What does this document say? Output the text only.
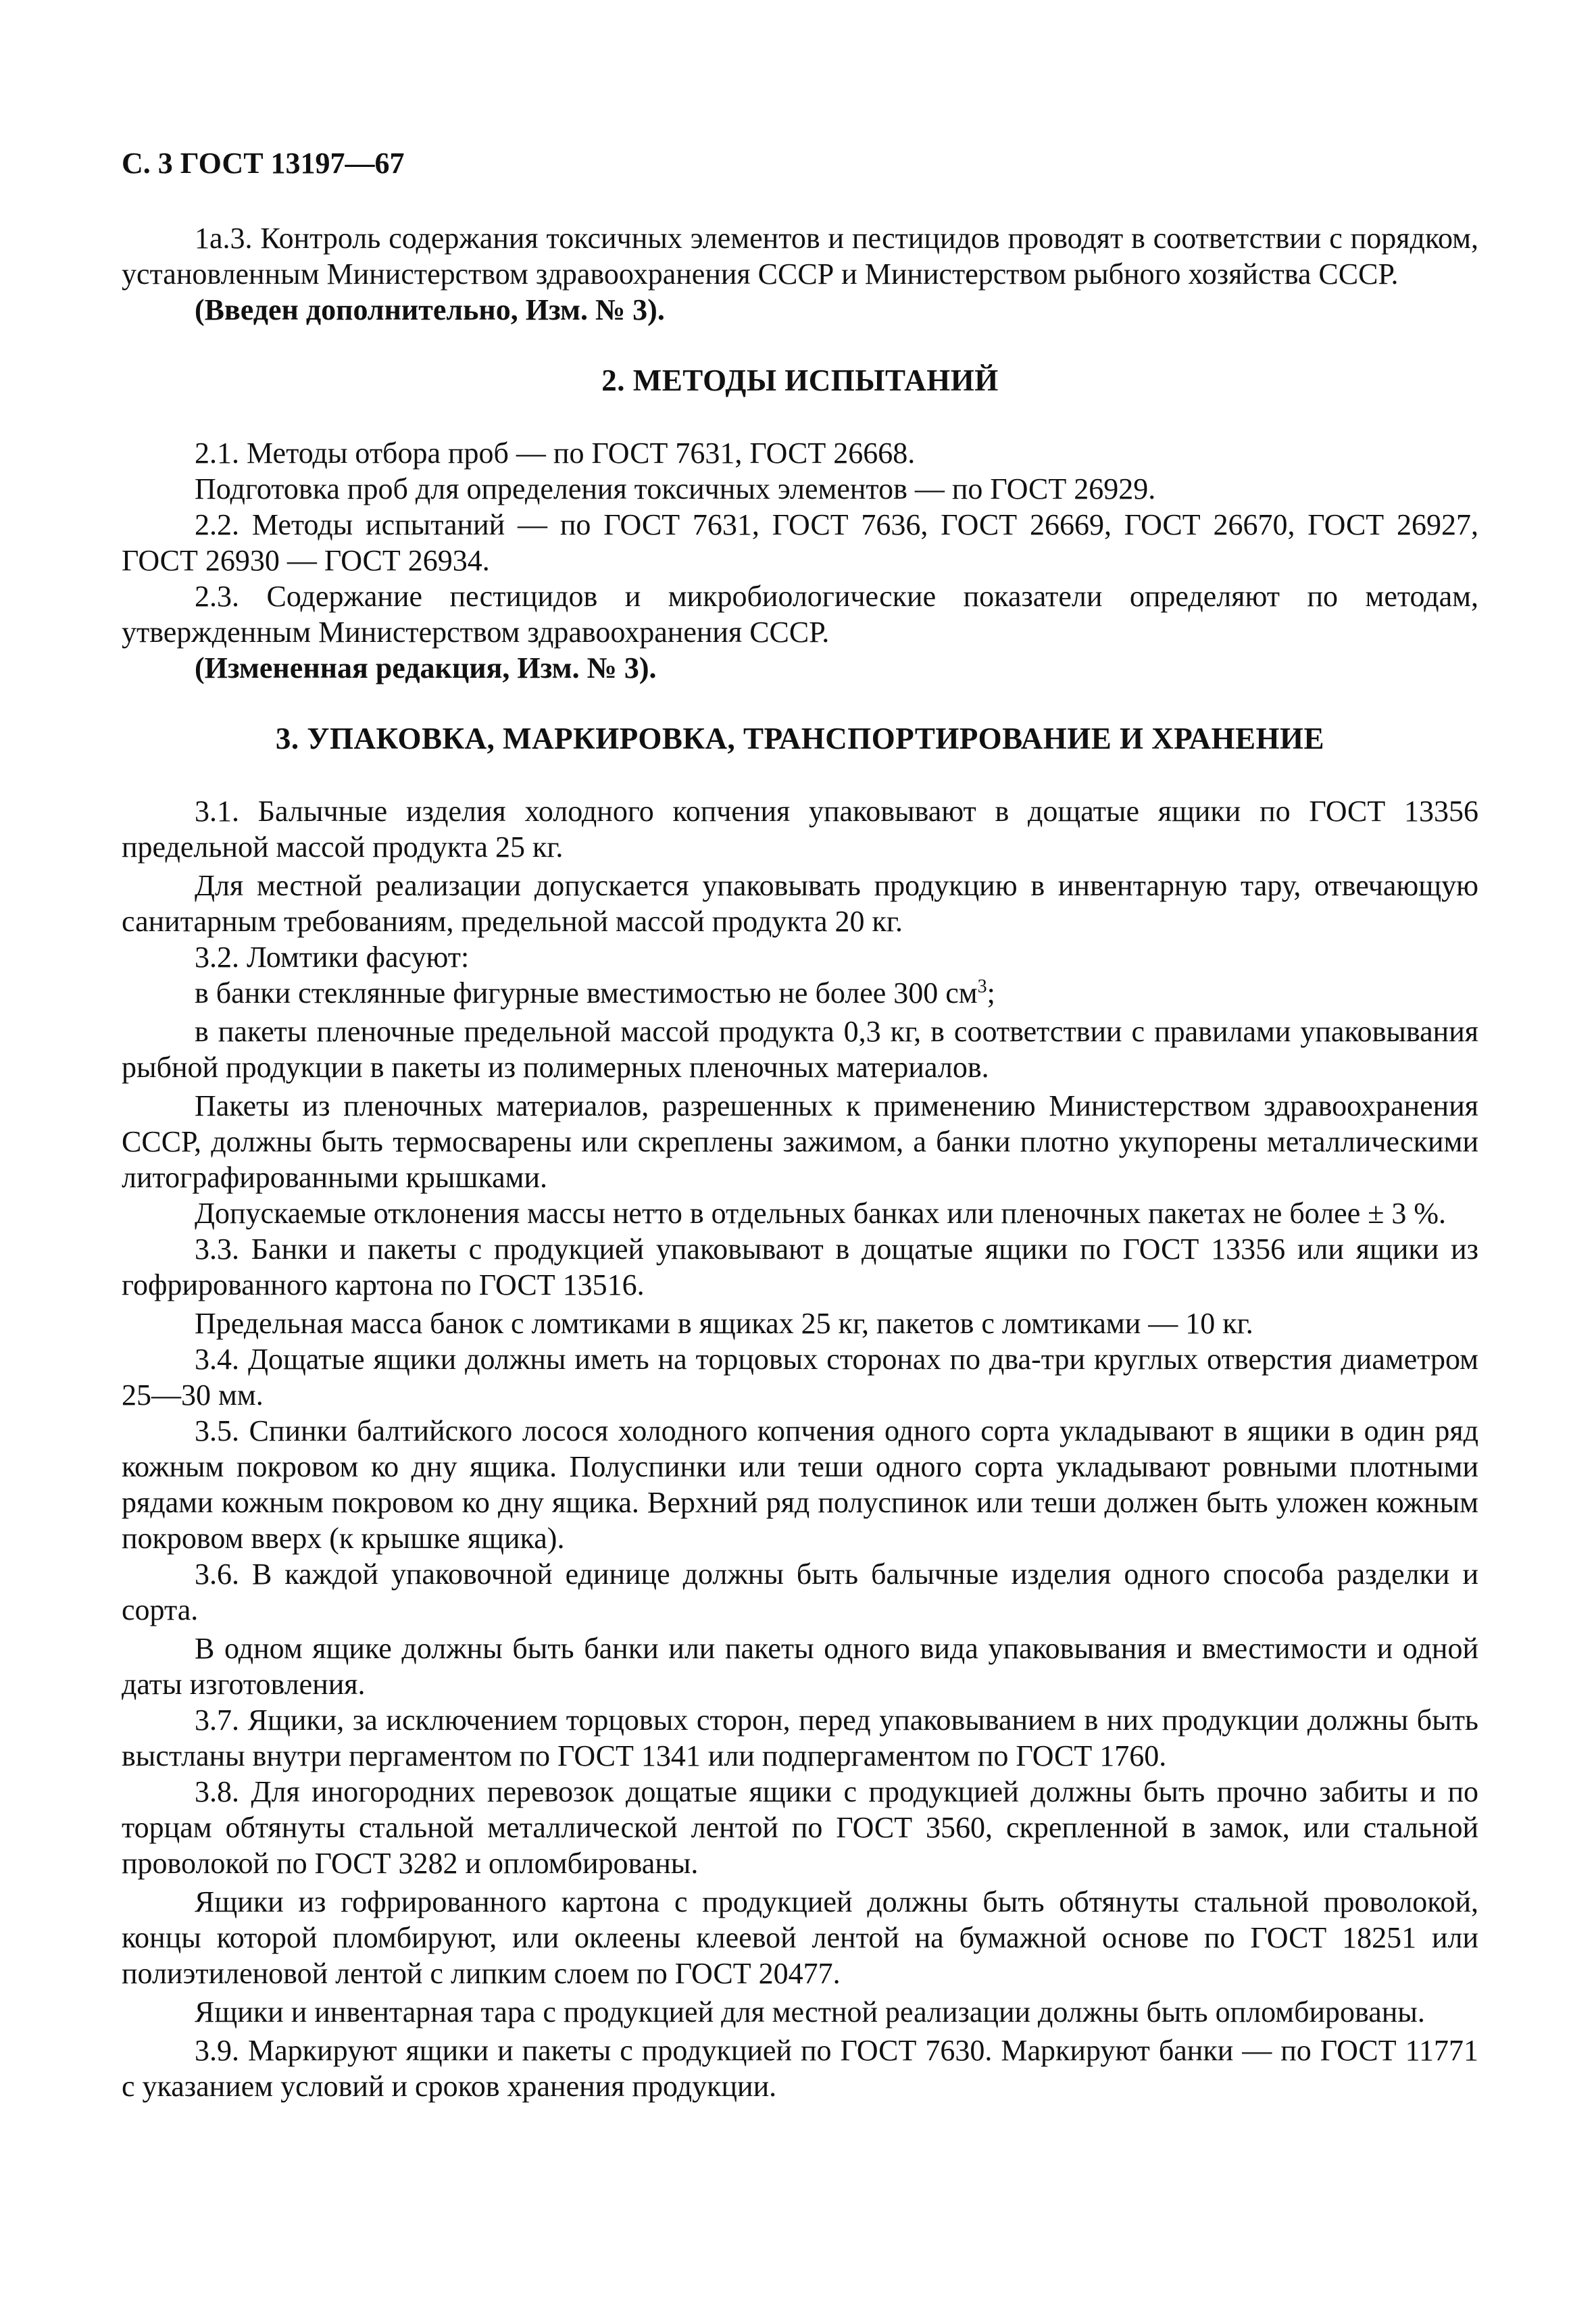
С. 3 ГОСТ 13197—67

1а.3. Контроль содержания токсичных элементов и пестицидов проводят в соответствии с порядком, установленным Министерством здравоохранения СССР и Министерством рыбного хозяйства СССР.

(Введен дополнительно, Изм. № 3).

2. МЕТОДЫ ИСПЫТАНИЙ

2.1. Методы отбора проб — по ГОСТ 7631, ГОСТ 26668.

Подготовка проб для определения токсичных элементов — по ГОСТ 26929.

2.2. Методы испытаний — по ГОСТ 7631, ГОСТ 7636, ГОСТ 26669, ГОСТ 26670, ГОСТ 26927, ГОСТ 26930 — ГОСТ 26934.

2.3. Содержание пестицидов и микробиологические показатели определяют по методам, утвержденным Министерством здравоохранения СССР.

(Измененная редакция, Изм. № 3).

3. УПАКОВКА, МАРКИРОВКА, ТРАНСПОРТИРОВАНИЕ И ХРАНЕНИЕ

3.1. Балычные изделия холодного копчения упаковывают в дощатые ящики по ГОСТ 13356 предельной массой продукта 25 кг.

Для местной реализации допускается упаковывать продукцию в инвентарную тару, отвечающую санитарным требованиям, предельной массой продукта 20 кг.

3.2. Ломтики фасуют:

в банки стеклянные фигурные вместимостью не более 300 $см^3$;

в пакеты пленочные предельной массой продукта 0,3 кг, в соответствии с правилами упаковывания рыбной продукции в пакеты из полимерных пленочных материалов.

Пакеты из пленочных материалов, разрешенных к применению Министерством здравоохранения СССР, должны быть термосварены или скреплены зажимом, а банки плотно укупорены металлическими литографированными крышками.

Допускаемые отклонения массы нетто в отдельных банках или пленочных пакетах не более ± 3 %.

3.3. Банки и пакеты с продукцией упаковывают в дощатые ящики по ГОСТ 13356 или ящики из гофрированного картона по ГОСТ 13516.

Предельная масса банок с ломтиками в ящиках 25 кг, пакетов с ломтиками — 10 кг.

3.4. Дощатые ящики должны иметь на торцовых сторонах по два-три круглых отверстия диаметром 25—30 мм.

3.5. Спинки балтийского лосося холодного копчения одного сорта укладывают в ящики в один ряд кожным покровом ко дну ящика. Полуспинки или теши одного сорта укладывают ровными плотными рядами кожным покровом ко дну ящика. Верхний ряд полуспинок или теши должен быть уложен кожным покровом вверх (к крышке ящика).

3.6. В каждой упаковочной единице должны быть балычные изделия одного способа разделки и сорта.

В одном ящике должны быть банки или пакеты одного вида упаковывания и вместимости и одной даты изготовления.

3.7. Ящики, за исключением торцовых сторон, перед упаковыванием в них продукции должны быть выстланы внутри пергаментом по ГОСТ 1341 или подпергаментом по ГОСТ 1760.

3.8. Для иногородних перевозок дощатые ящики с продукцией должны быть прочно забиты и по торцам обтянуты стальной металлической лентой по ГОСТ 3560, скрепленной в замок, или стальной проволокой по ГОСТ 3282 и опломбированы.

Ящики из гофрированного картона с продукцией должны быть обтянуты стальной проволокой, концы которой пломбируют, или оклеены клеевой лентой на бумажной основе по ГОСТ 18251 или полиэтиленовой лентой с липким слоем по ГОСТ 20477.

Ящики и инвентарная тара с продукцией для местной реализации должны быть опломбированы.

3.9. Маркируют ящики и пакеты с продукцией по ГОСТ 7630. Маркируют банки — по ГОСТ 11771 с указанием условий и сроков хранения продукции.
